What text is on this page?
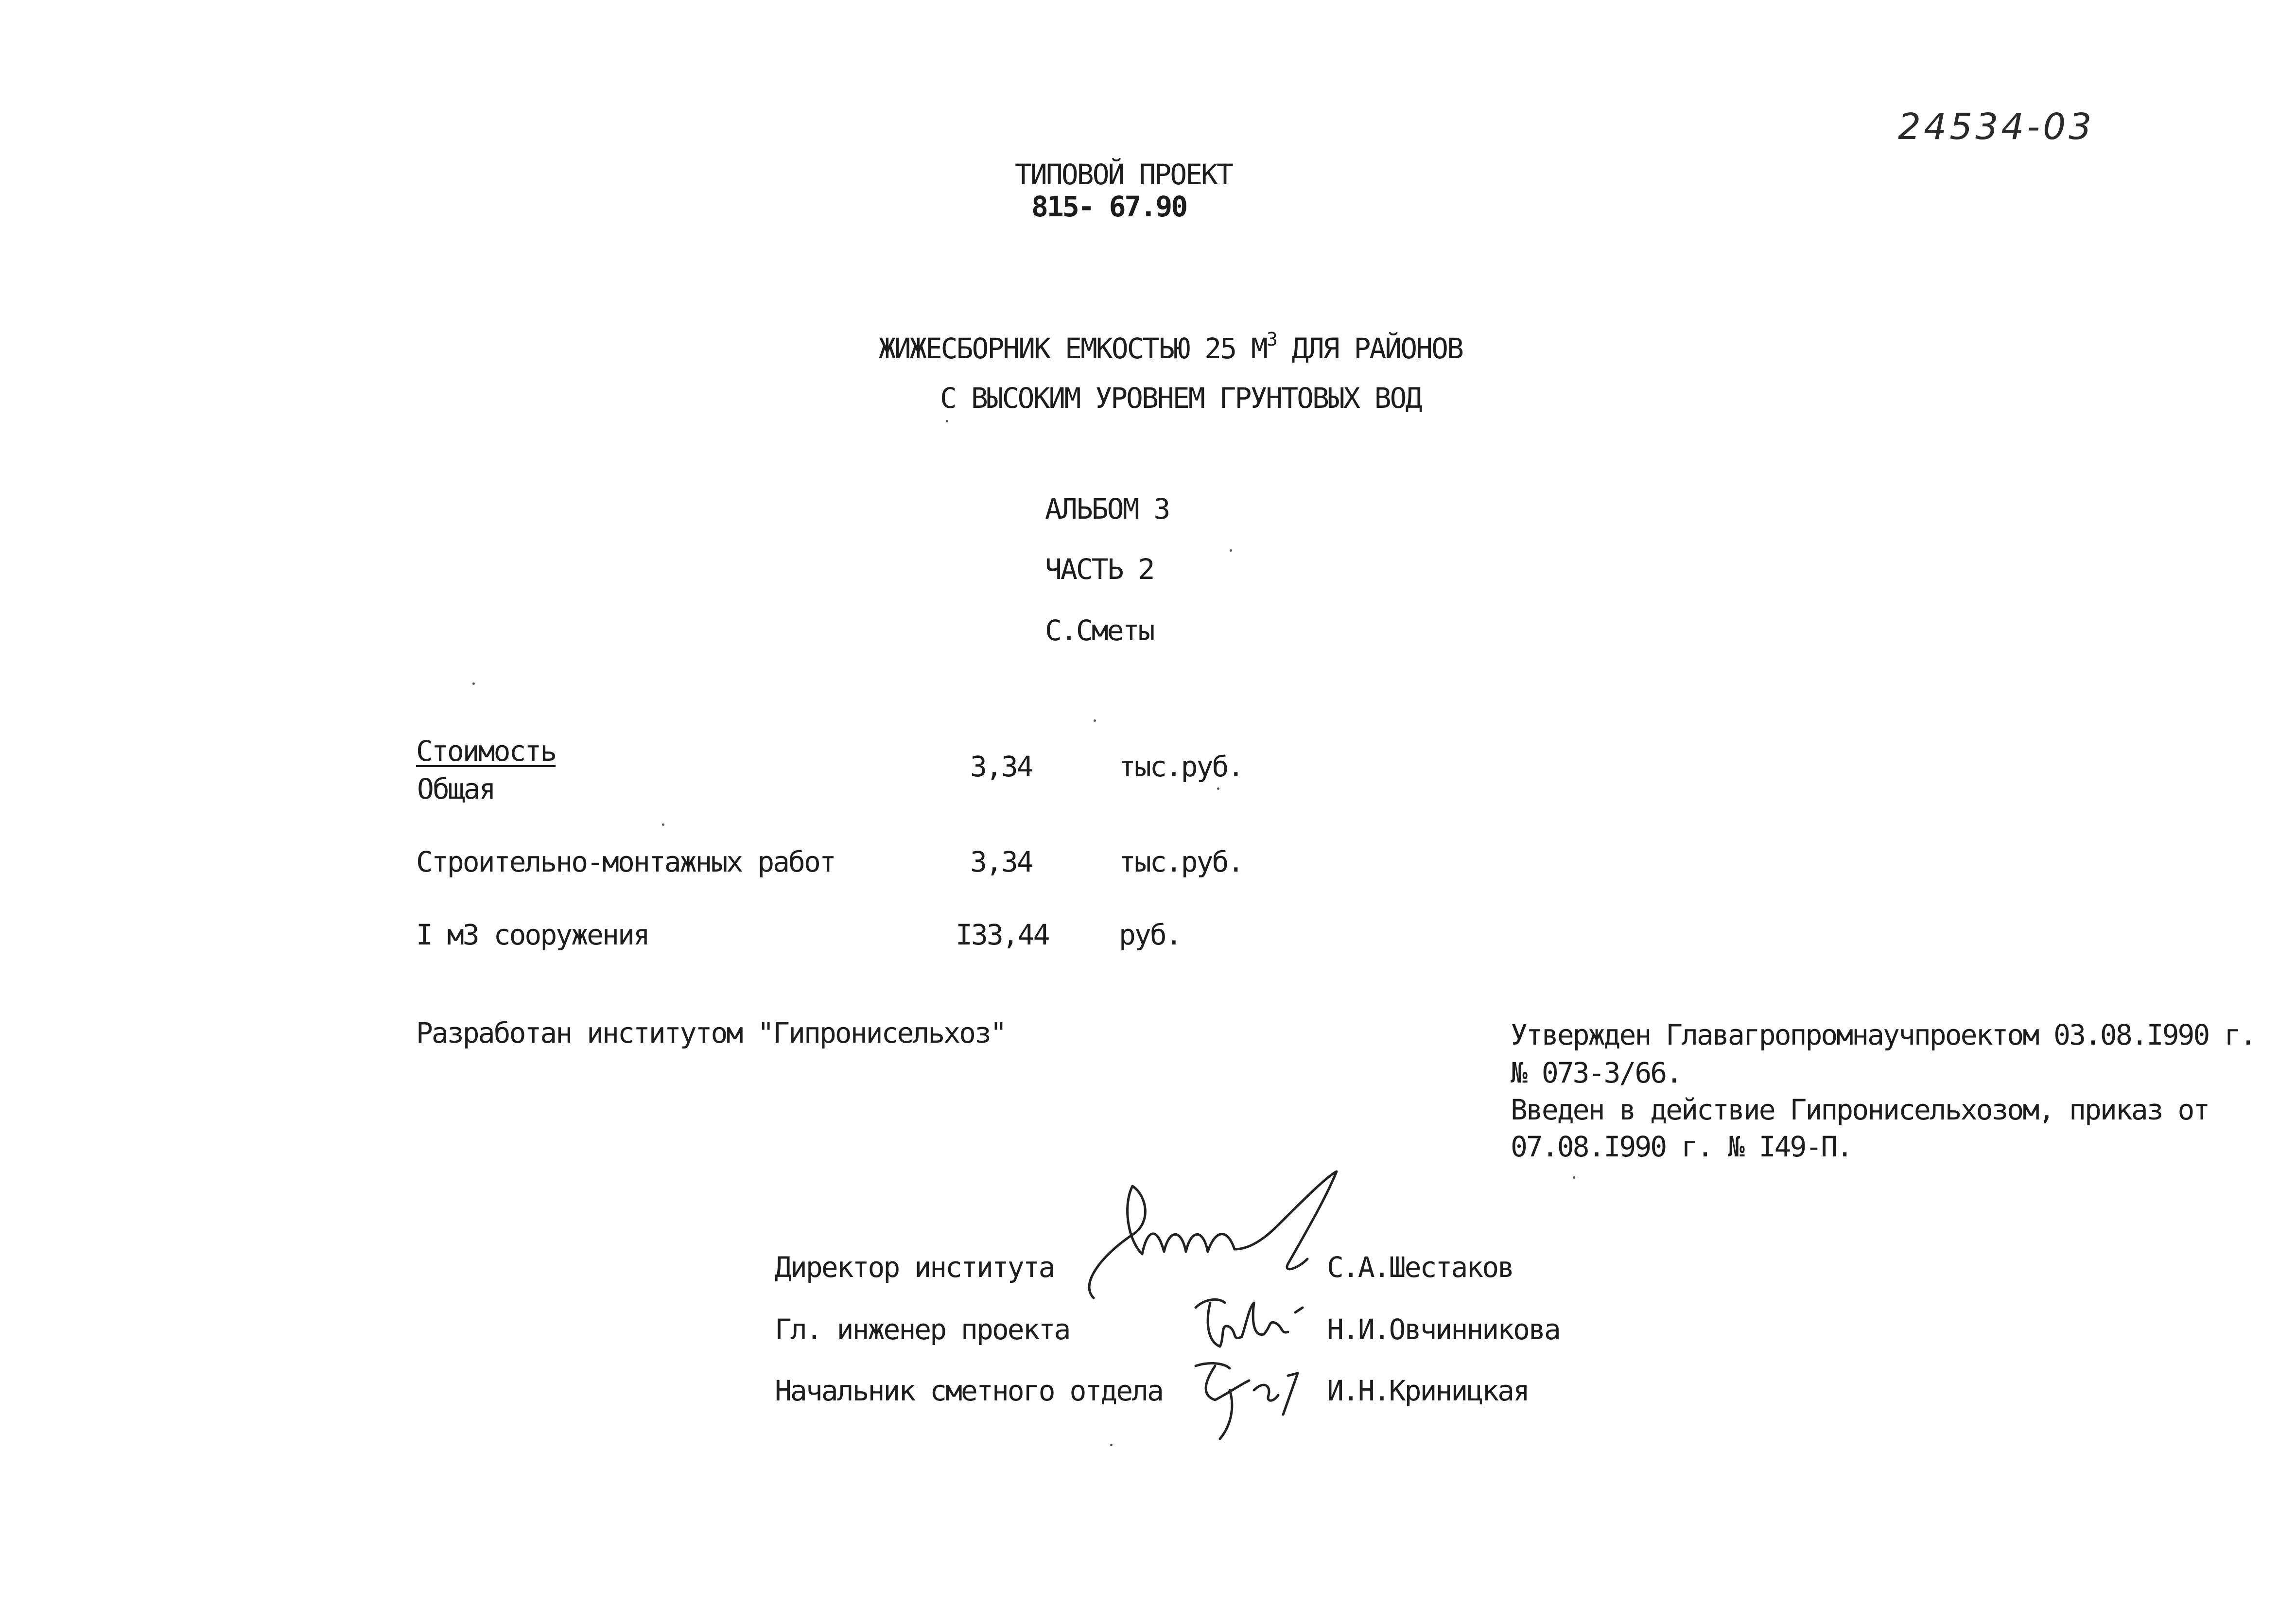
24534-03
ТИПОВОЙ ПРОЕКТ
815- 67.90
ЖИЖЕСБОРНИК ЕМКОСТЬЮ 25 $М^3$ ДЛЯ РАЙОНОВ
С ВЫСОКИМ УРОВНЕМ ГРУНТОВЫХ ВОД
АЛЬБОМ 3
ЧАСТЬ 2
С.Сметы
Стоимость
Общая
3,34	тыс.руб.
Строительно-монтажных работ	3,34	тыс.руб.
I м3 сооружения	I33,44 руб.
Разработан институтом "Гипронисельхоз"	Утвержден Главагропромнаучпроектом 03.08.I990 г.
№ 073-3/66.
Введен в действие Гипронисельхозом, приказ от
07.08.I990 г. № I49-П.
Директор института	С.А.Шестаков
Гл. инженер проекта	Н.И.Овчинникова
Начальник сметного отдела	И.Н.Криницкая
